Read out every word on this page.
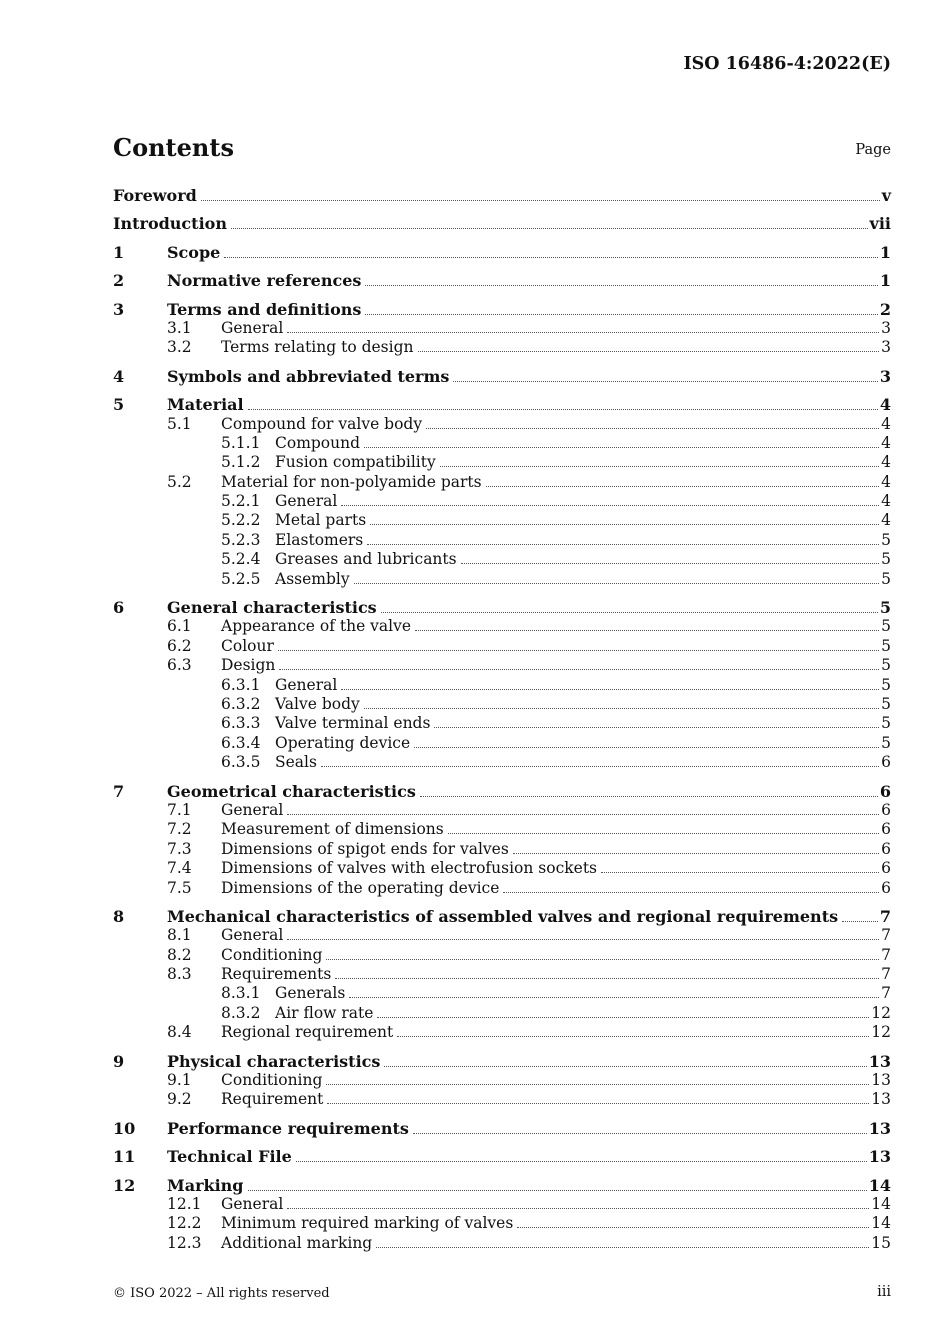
ISO 16486-4:2022(E)
Contents	Page
Foreword	v
Introduction	vii
1	Scope	1
2	Normative references	1
3	Terms and definitions	2
3.1 General	3
3.2 Terms relating to design	3
4	Symbols and abbreviated terms	3
5	Material	4
5.1 Compound for valve body	4
5.1.1 Compound	4
5.1.2 Fusion compatibility	4
5.2 Material for non-polyamide parts	4
5.2.1 General	4
5.2.2 Metal parts	4
5.2.3 Elastomers	5
5.2.4 Greases and lubricants	5
5.2.5 Assembly	5
6	General characteristics	5
6.1 Appearance of the valve	5
6.2 Colour	5
6.3 Design	5
6.3.1 General	5
6.3.2 Valve body	5
6.3.3 Valve terminal ends	5
6.3.4 Operating device	5
6.3.5 Seals	6
7	Geometrical characteristics	6
7.1 General	6
7.2 Measurement of dimensions	6
7.3 Dimensions of spigot ends for valves	6
7.4 Dimensions of valves with electrofusion sockets	6
7.5 Dimensions of the operating device	6
8	Mechanical characteristics of assembled valves and regional requirements	7
8.1 General	7
8.2 Conditioning	7
8.3 Requirements	7
8.3.1 Generals	7
8.3.2 Air flow rate	12
8.4 Regional requirement	12
9	Physical characteristics	13
9.1 Conditioning	13
9.2 Requirement	13
10 Performance requirements	13
11 Technical File	13
12 Marking	14
12.1 General	14
12.2 Minimum required marking of valves	14
12.3 Additional marking	15
© ISO 2022 – All rights reserved	iii
